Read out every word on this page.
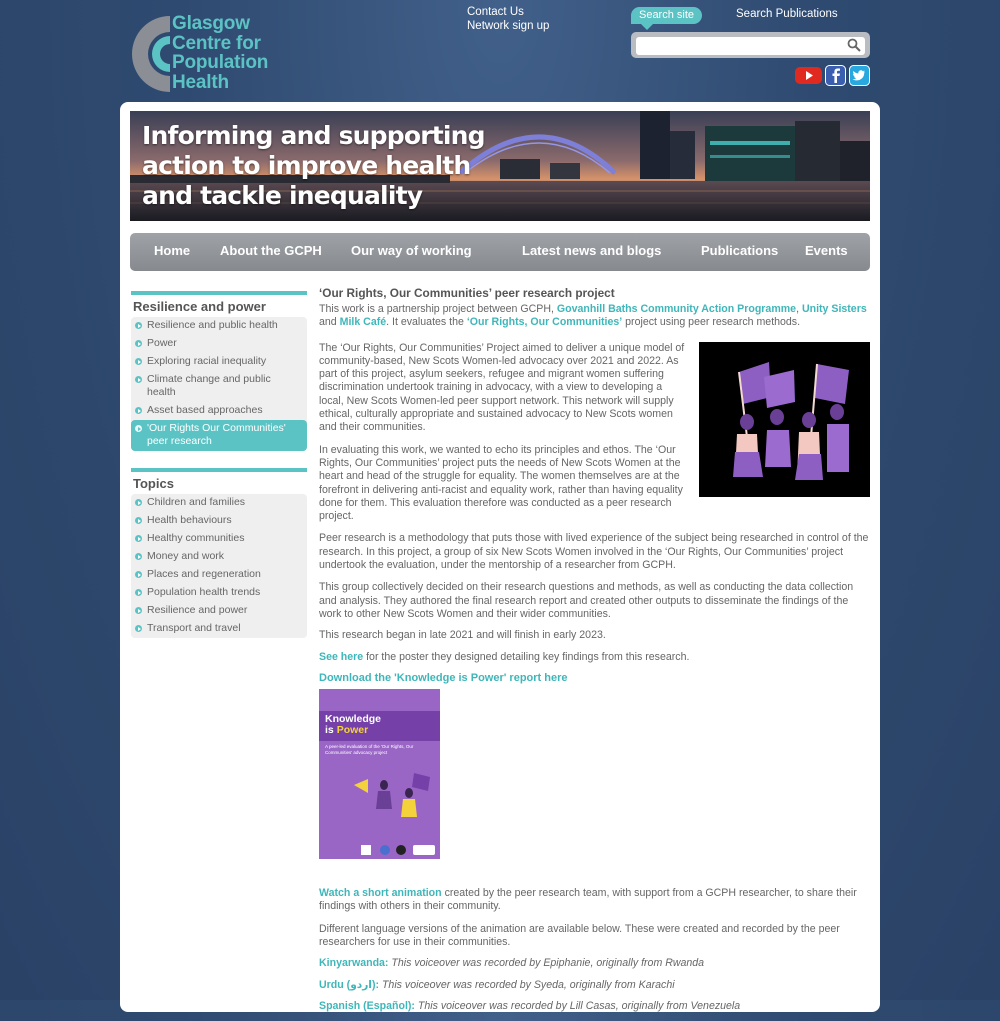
Glasgow
Centre for
Population
Health
Contact Us
Network sign up
Search site	Search Publications
Informing and supporting
action to improve health
and tackle inequality
Home About the GCPH Our way of working	Latest news and blogs	Publications Events
Resilience and power
Resilience and public health
Power
Exploring racial inequality
Climate change and public health
Asset based approaches
'Our Rights Our Communities' peer research
Topics
Children and families
Health behaviours
Healthy communities
Money and work
Places and regeneration
Population health trends
Resilience and power
Transport and travel
‘Our Rights, Our Communities’ peer research project

This work is a partnership project between GCPH, Govanhill Baths Community Action Programme, Unity Sisters and Milk Café. It evaluates the ‘Our Rights, Our Communities’ project using peer research methods.

The ‘Our Rights, Our Communities’ Project aimed to deliver a unique model of community-based, New Scots Women-led advocacy over 2021 and 2022. As part of this project, asylum seekers, refugee and migrant women suffering discrimination undertook training in advocacy, with a view to developing a local, New Scots Women-led peer support network. This network will supply ethical, culturally appropriate and sustained advocacy to New Scots women and their communities.

In evaluating this work, we wanted to echo its principles and ethos. The ‘Our Rights, Our Communities’ project puts the needs of New Scots Women at the heart and head of the struggle for equality. The women themselves are at the forefront in delivering anti-racist and equality work, rather than having equality done for them. This evaluation therefore was conducted as a peer research project.

Peer research is a methodology that puts those with lived experience of the subject being researched in control of the research. In this project, a group of six New Scots Women involved in the ‘Our Rights, Our Communities’ project undertook the evaluation, under the mentorship of a researcher from GCPH.

This group collectively decided on their research questions and methods, as well as conducting the data collection and analysis. They authored the final research report and created other outputs to disseminate the findings of the work to other New Scots Women and their wider communities.

This research began in late 2021 and will finish in early 2023.

See here for the poster they designed detailing key findings from this research.

Download the 'Knowledge is Power' report here

Knowledge
is Power
A peer-led evaluation of the 'Our Rights, Our Communities' advocacy project

Watch a short animation created by the peer research team, with support from a GCPH researcher, to share their findings with others in their community.

Different language versions of the animation are available below. These were created and recorded by the peer researchers for use in their communities.

Kinyarwanda: This voiceover was recorded by Epiphanie, originally from Rwanda

Urdu (اردو): This voiceover was recorded by Syeda, originally from Karachi

Spanish (Español): This voiceover was recorded by Lill Casas, originally from Venezuela
